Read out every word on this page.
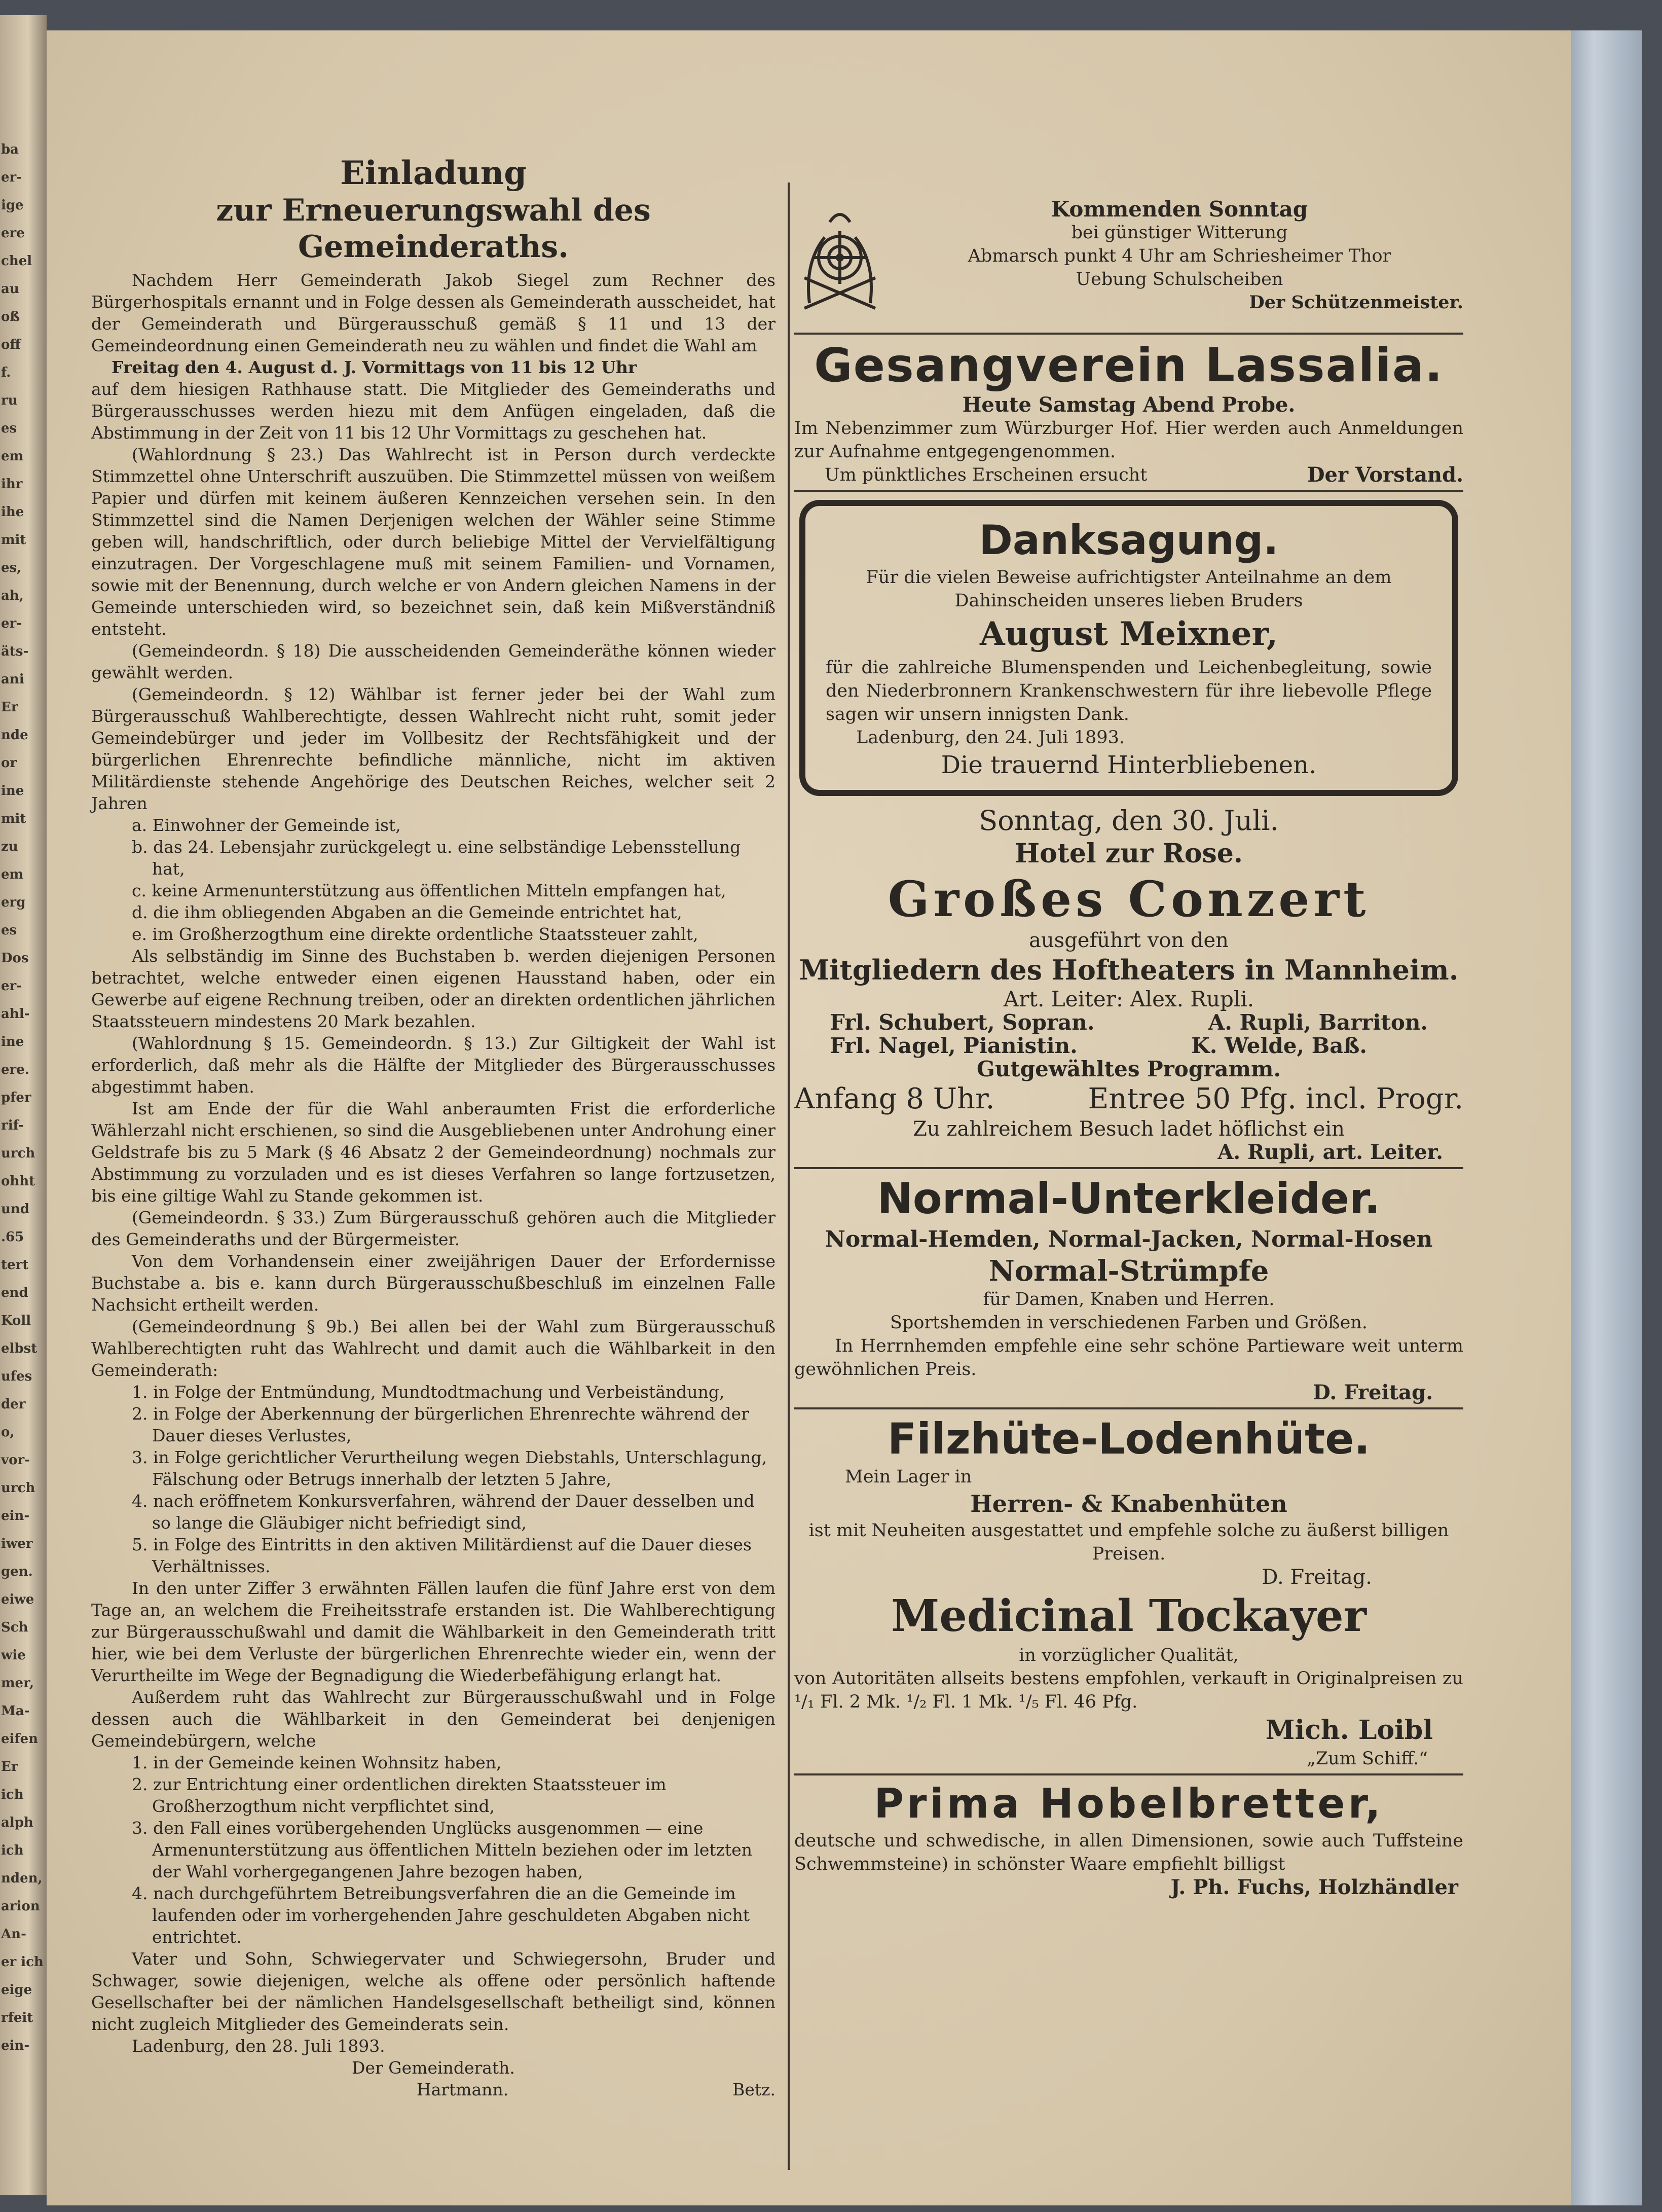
ba
er-
ige
ere
chel
au
oß
off
f.
ru
es
em
ihr
ihe
mit
es,
ah,
er-
äts-
ani
Er
nde
or
ine
mit
zu
em
erg
es
Dos
er-
ahl-
ine
ere.
pfer
rif-
urch
ohht
und
.65
tert
end
Koll
elbst
ufes
der
o,
vor-
urch
ein-
iwer
gen.
eiwe
Sch
wie
mer,
Ma-
eifen
Er
ich
alph
ich
nden,
arion
An-
er ich
eige
rfeit
ein-
Einladung
zur Erneuerungswahl des Gemeinderaths.

Nachdem Herr Gemeinderath Jakob Siegel zum Rechner des Bürgerhospitals ernannt und in Folge dessen als Gemeinderath ausscheidet, hat der Gemeinderath und Bürgerausschuß gemäß § 11 und 13 der Gemeindeordnung einen Gemeinderath neu zu wählen und findet die Wahl am

Freitag den 4. August d. J. Vormittags von 11 bis 12 Uhr

auf dem hiesigen Rathhause statt. Die Mitglieder des Gemeinderaths und Bürgerausschusses werden hiezu mit dem Anfügen eingeladen, daß die Abstimmung in der Zeit von 11 bis 12 Uhr Vormittags zu geschehen hat.

(Wahlordnung § 23.) Das Wahlrecht ist in Person durch verdeckte Stimmzettel ohne Unterschrift auszuüben. Die Stimmzettel müssen von weißem Papier und dürfen mit keinem äußeren Kennzeichen versehen sein. In den Stimmzettel sind die Namen Derjenigen welchen der Wähler seine Stimme geben will, handschriftlich, oder durch beliebige Mittel der Vervielfältigung einzutragen. Der Vorgeschlagene muß mit seinem Familien- und Vornamen, sowie mit der Benennung, durch welche er von Andern gleichen Namens in der Gemeinde unterschieden wird, so bezeichnet sein, daß kein Mißverständniß entsteht.

(Gemeindeordn. § 18) Die ausscheidenden Gemeinderäthe können wieder gewählt werden.

(Gemeindeordn. § 12) Wählbar ist ferner jeder bei der Wahl zum Bürgerausschuß Wahlberechtigte, dessen Wahlrecht nicht ruht, somit jeder Gemeindebürger und jeder im Vollbesitz der Rechtsfähigkeit und der bürgerlichen Ehrenrechte befindliche männliche, nicht im aktiven Militärdienste stehende Angehörige des Deutschen Reiches, welcher seit 2 Jahren

a. Einwohner der Gemeinde ist,

b. das 24. Lebensjahr zurückgelegt u. eine selbständige Lebensstellung hat,

c. keine Armenunterstützung aus öffentlichen Mitteln empfangen hat,

d. die ihm obliegenden Abgaben an die Gemeinde entrichtet hat,

e. im Großherzogthum eine direkte ordentliche Staatssteuer zahlt,

Als selbständig im Sinne des Buchstaben b. werden diejenigen Personen betrachtet, welche entweder einen eigenen Hausstand haben, oder ein Gewerbe auf eigene Rechnung treiben, oder an direkten ordentlichen jährlichen Staatssteuern mindestens 20 Mark bezahlen.

(Wahlordnung § 15. Gemeindeordn. § 13.) Zur Giltigkeit der Wahl ist erforderlich, daß mehr als die Hälfte der Mitglieder des Bürgerausschusses abgestimmt haben.

Ist am Ende der für die Wahl anberaumten Frist die erforderliche Wählerzahl nicht erschienen, so sind die Ausgebliebenen unter Androhung einer Geldstrafe bis zu 5 Mark (§ 46 Absatz 2 der Gemeindeordnung) nochmals zur Abstimmung zu vorzuladen und es ist dieses Verfahren so lange fortzusetzen, bis eine giltige Wahl zu Stande gekommen ist.

(Gemeindeordn. § 33.) Zum Bürgerausschuß gehören auch die Mitglieder des Gemeinderaths und der Bürgermeister.

Von dem Vorhandensein einer zweijährigen Dauer der Erfordernisse Buchstabe a. bis e. kann durch Bürgerausschußbeschluß im einzelnen Falle Nachsicht ertheilt werden.

(Gemeindeordnung § 9b.) Bei allen bei der Wahl zum Bürgerausschuß Wahlberechtigten ruht das Wahlrecht und damit auch die Wählbarkeit in den Gemeinderath:

1. in Folge der Entmündung, Mundtodtmachung und Verbeiständung,

2. in Folge der Aberkennung der bürgerlichen Ehrenrechte während der Dauer dieses Verlustes,

3. in Folge gerichtlicher Verurtheilung wegen Diebstahls, Unterschlagung, Fälschung oder Betrugs innerhalb der letzten 5 Jahre,

4. nach eröffnetem Konkursverfahren, während der Dauer desselben und so lange die Gläubiger nicht befriedigt sind,

5. in Folge des Eintritts in den aktiven Militärdienst auf die Dauer dieses Verhältnisses.

In den unter Ziffer 3 erwähnten Fällen laufen die fünf Jahre erst von dem Tage an, an welchem die Freiheitsstrafe erstanden ist. Die Wahlberechtigung zur Bürgerausschußwahl und damit die Wählbarkeit in den Gemeinderath tritt hier, wie bei dem Verluste der bürgerlichen Ehrenrechte wieder ein, wenn der Verurtheilte im Wege der Begnadigung die Wiederbefähigung erlangt hat.

Außerdem ruht das Wahlrecht zur Bürgerausschußwahl und in Folge dessen auch die Wählbarkeit in den Gemeinderat bei denjenigen Gemeindebürgern, welche

1. in der Gemeinde keinen Wohnsitz haben,

2. zur Entrichtung einer ordentlichen direkten Staatssteuer im Großherzogthum nicht verpflichtet sind,

3. den Fall eines vorübergehenden Unglücks ausgenommen — eine Armenunterstützung aus öffentlichen Mitteln beziehen oder im letzten der Wahl vorhergegangenen Jahre bezogen haben,

4. nach durchgeführtem Betreibungsverfahren die an die Gemeinde im laufenden oder im vorhergehenden Jahre geschuldeten Abgaben nicht entrichtet.

Vater und Sohn, Schwiegervater und Schwiegersohn, Bruder und Schwager, sowie diejenigen, welche als offene oder persönlich haftende Gesellschafter bei der nämlichen Handelsgesellschaft betheiligt sind, können nicht zugleich Mitglieder des Gemeinderats sein.

Ladenburg, den 28. Juli 1893.

Der Gemeinderath.
Hartmann.	Betz.
Kommenden Sonntag
bei günstiger Witterung
Abmarsch punkt 4 Uhr am Schriesheimer Thor
Uebung Schulscheiben
Der Schützenmeister.
Gesangverein Lassalia.
Heute Samstag Abend Probe.
Im Nebenzimmer zum Würzburger Hof. Hier werden auch Anmeldungen zur Aufnahme entgegengenommen.
Um pünktliches Erscheinen ersucht	Der Vorstand.
Danksagung.
Für die vielen Beweise aufrichtigster Anteilnahme an dem Dahinscheiden unseres lieben Bruders
August Meixner,
für die zahlreiche Blumenspenden und Leichenbegleitung, sowie den Niederbronnern Krankenschwestern für ihre liebevolle Pflege sagen wir unsern innigsten Dank.
Ladenburg, den 24. Juli 1893.
Die trauernd Hinterbliebenen.
Sonntag, den 30. Juli.
Hotel zur Rose.
Großes Conzert
ausgeführt von den
Mitgliedern des Hoftheaters in Mannheim.
Art. Leiter: Alex. Rupli.
Frl. Schubert, Sopran.	A. Rupli, Barriton.
Frl. Nagel, Pianistin.	K. Welde, Baß.
Gutgewähltes Programm.
Anfang 8 Uhr.	Entree 50 Pfg. incl. Progr.
Zu zahlreichem Besuch ladet höflichst ein
A. Rupli, art. Leiter.
Normal-Unterkleider.
Normal-Hemden, Normal-Jacken, Normal-Hosen
Normal-Strümpfe
für Damen, Knaben und Herren.
Sportshemden in verschiedenen Farben und Größen.
In Herrnhemden empfehle eine sehr schöne Partieware weit unterm gewöhnlichen Preis.
D. Freitag.
Filzhüte-Lodenhüte.
Mein Lager in
Herren- & Knabenhüten
ist mit Neuheiten ausgestattet und empfehle solche zu äußerst billigen Preisen.
D. Freitag.
Medicinal Tockayer
in vorzüglicher Qualität,
von Autoritäten allseits bestens empfohlen, verkauft in Originalpreisen zu ¹/₁ Fl. 2 Mk. ¹/₂ Fl. 1 Mk. ¹/₅ Fl. 46 Pfg.
Mich. Loibl
„Zum Schiff.“
Prima Hobelbretter,
deutsche und schwedische, in allen Dimensionen, sowie auch Tuffsteine Schwemmsteine) in schönster Waare empfiehlt billigst
J. Ph. Fuchs, Holzhändler
